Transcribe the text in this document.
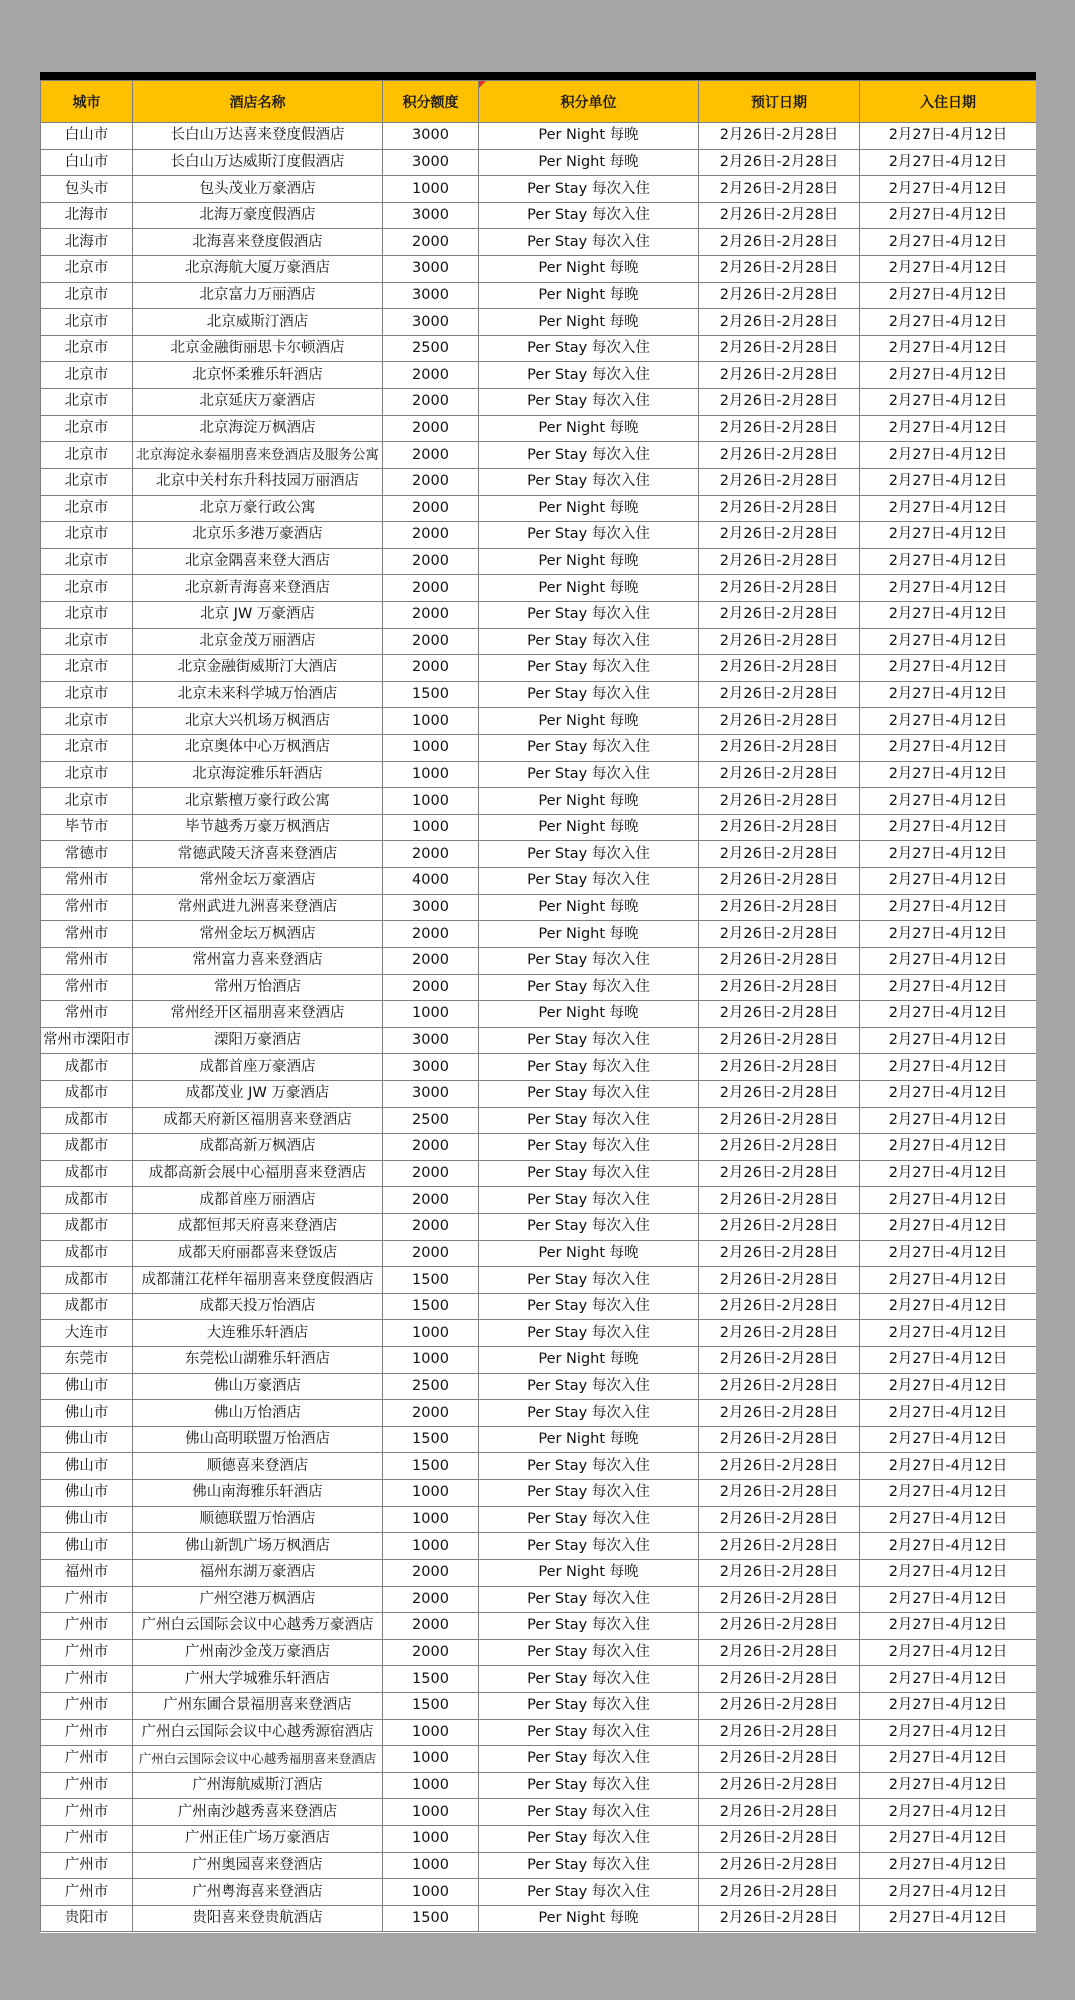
城市	酒店名称	积分额度	积分单位	预订日期	入住日期
白山市	长白山万达喜来登度假酒店	3000	Per Night 每晚	2月26日-2月28日	2月27日-4月12日
白山市	长白山万达威斯汀度假酒店	3000	Per Night 每晚	2月26日-2月28日	2月27日-4月12日
包头市	包头茂业万豪酒店	1000	Per Stay 每次入住	2月26日-2月28日	2月27日-4月12日
北海市	北海万豪度假酒店	3000	Per Stay 每次入住	2月26日-2月28日	2月27日-4月12日
北海市	北海喜来登度假酒店	2000	Per Stay 每次入住	2月26日-2月28日	2月27日-4月12日
北京市	北京海航大厦万豪酒店	3000	Per Night 每晚	2月26日-2月28日	2月27日-4月12日
北京市	北京富力万丽酒店	3000	Per Night 每晚	2月26日-2月28日	2月27日-4月12日
北京市	北京威斯汀酒店	3000	Per Night 每晚	2月26日-2月28日	2月27日-4月12日
北京市	北京金融街丽思卡尔顿酒店	2500	Per Stay 每次入住	2月26日-2月28日	2月27日-4月12日
北京市	北京怀柔雅乐轩酒店	2000	Per Stay 每次入住	2月26日-2月28日	2月27日-4月12日
北京市	北京延庆万豪酒店	2000	Per Stay 每次入住	2月26日-2月28日	2月27日-4月12日
北京市	北京海淀万枫酒店	2000	Per Night 每晚	2月26日-2月28日	2月27日-4月12日
北京市	北京海淀永泰福朋喜来登酒店及服务公寓	2000	Per Stay 每次入住	2月26日-2月28日	2月27日-4月12日
北京市	北京中关村东升科技园万丽酒店	2000	Per Stay 每次入住	2月26日-2月28日	2月27日-4月12日
北京市	北京万豪行政公寓	2000	Per Night 每晚	2月26日-2月28日	2月27日-4月12日
北京市	北京乐多港万豪酒店	2000	Per Stay 每次入住	2月26日-2月28日	2月27日-4月12日
北京市	北京金隅喜来登大酒店	2000	Per Night 每晚	2月26日-2月28日	2月27日-4月12日
北京市	北京新青海喜来登酒店	2000	Per Night 每晚	2月26日-2月28日	2月27日-4月12日
北京市	北京 JW 万豪酒店	2000	Per Stay 每次入住	2月26日-2月28日	2月27日-4月12日
北京市	北京金茂万丽酒店	2000	Per Stay 每次入住	2月26日-2月28日	2月27日-4月12日
北京市	北京金融街威斯汀大酒店	2000	Per Stay 每次入住	2月26日-2月28日	2月27日-4月12日
北京市	北京未来科学城万怡酒店	1500	Per Stay 每次入住	2月26日-2月28日	2月27日-4月12日
北京市	北京大兴机场万枫酒店	1000	Per Night 每晚	2月26日-2月28日	2月27日-4月12日
北京市	北京奥体中心万枫酒店	1000	Per Stay 每次入住	2月26日-2月28日	2月27日-4月12日
北京市	北京海淀雅乐轩酒店	1000	Per Stay 每次入住	2月26日-2月28日	2月27日-4月12日
北京市	北京紫檀万豪行政公寓	1000	Per Night 每晚	2月26日-2月28日	2月27日-4月12日
毕节市	毕节越秀万豪万枫酒店	1000	Per Night 每晚	2月26日-2月28日	2月27日-4月12日
常德市	常德武陵天济喜来登酒店	2000	Per Stay 每次入住	2月26日-2月28日	2月27日-4月12日
常州市	常州金坛万豪酒店	4000	Per Stay 每次入住	2月26日-2月28日	2月27日-4月12日
常州市	常州武进九洲喜来登酒店	3000	Per Night 每晚	2月26日-2月28日	2月27日-4月12日
常州市	常州金坛万枫酒店	2000	Per Night 每晚	2月26日-2月28日	2月27日-4月12日
常州市	常州富力喜来登酒店	2000	Per Stay 每次入住	2月26日-2月28日	2月27日-4月12日
常州市	常州万怡酒店	2000	Per Stay 每次入住	2月26日-2月28日	2月27日-4月12日
常州市	常州经开区福朋喜来登酒店	1000	Per Night 每晚	2月26日-2月28日	2月27日-4月12日
常州市溧阳市	溧阳万豪酒店	3000	Per Stay 每次入住	2月26日-2月28日	2月27日-4月12日
成都市	成都首座万豪酒店	3000	Per Stay 每次入住	2月26日-2月28日	2月27日-4月12日
成都市	成都茂业 JW 万豪酒店	3000	Per Stay 每次入住	2月26日-2月28日	2月27日-4月12日
成都市	成都天府新区福朋喜来登酒店	2500	Per Stay 每次入住	2月26日-2月28日	2月27日-4月12日
成都市	成都高新万枫酒店	2000	Per Stay 每次入住	2月26日-2月28日	2月27日-4月12日
成都市	成都高新会展中心福朋喜来登酒店	2000	Per Stay 每次入住	2月26日-2月28日	2月27日-4月12日
成都市	成都首座万丽酒店	2000	Per Stay 每次入住	2月26日-2月28日	2月27日-4月12日
成都市	成都恒邦天府喜来登酒店	2000	Per Stay 每次入住	2月26日-2月28日	2月27日-4月12日
成都市	成都天府丽都喜来登饭店	2000	Per Night 每晚	2月26日-2月28日	2月27日-4月12日
成都市	成都蒲江花样年福朋喜来登度假酒店	1500	Per Stay 每次入住	2月26日-2月28日	2月27日-4月12日
成都市	成都天投万怡酒店	1500	Per Stay 每次入住	2月26日-2月28日	2月27日-4月12日
大连市	大连雅乐轩酒店	1000	Per Stay 每次入住	2月26日-2月28日	2月27日-4月12日
东莞市	东莞松山湖雅乐轩酒店	1000	Per Night 每晚	2月26日-2月28日	2月27日-4月12日
佛山市	佛山万豪酒店	2500	Per Stay 每次入住	2月26日-2月28日	2月27日-4月12日
佛山市	佛山万怡酒店	2000	Per Stay 每次入住	2月26日-2月28日	2月27日-4月12日
佛山市	佛山高明联盟万怡酒店	1500	Per Night 每晚	2月26日-2月28日	2月27日-4月12日
佛山市	顺德喜来登酒店	1500	Per Stay 每次入住	2月26日-2月28日	2月27日-4月12日
佛山市	佛山南海雅乐轩酒店	1000	Per Stay 每次入住	2月26日-2月28日	2月27日-4月12日
佛山市	顺德联盟万怡酒店	1000	Per Stay 每次入住	2月26日-2月28日	2月27日-4月12日
佛山市	佛山新凯广场万枫酒店	1000	Per Stay 每次入住	2月26日-2月28日	2月27日-4月12日
福州市	福州东湖万豪酒店	2000	Per Night 每晚	2月26日-2月28日	2月27日-4月12日
广州市	广州空港万枫酒店	2000	Per Stay 每次入住	2月26日-2月28日	2月27日-4月12日
广州市	广州白云国际会议中心越秀万豪酒店	2000	Per Stay 每次入住	2月26日-2月28日	2月27日-4月12日
广州市	广州南沙金茂万豪酒店	2000	Per Stay 每次入住	2月26日-2月28日	2月27日-4月12日
广州市	广州大学城雅乐轩酒店	1500	Per Stay 每次入住	2月26日-2月28日	2月27日-4月12日
广州市	广州东圃合景福朋喜来登酒店	1500	Per Stay 每次入住	2月26日-2月28日	2月27日-4月12日
广州市	广州白云国际会议中心越秀源宿酒店	1000	Per Stay 每次入住	2月26日-2月28日	2月27日-4月12日
广州市	广州白云国际会议中心越秀福朋喜来登酒店	1000	Per Stay 每次入住	2月26日-2月28日	2月27日-4月12日
广州市	广州海航威斯汀酒店	1000	Per Stay 每次入住	2月26日-2月28日	2月27日-4月12日
广州市	广州南沙越秀喜来登酒店	1000	Per Stay 每次入住	2月26日-2月28日	2月27日-4月12日
广州市	广州正佳广场万豪酒店	1000	Per Stay 每次入住	2月26日-2月28日	2月27日-4月12日
广州市	广州奥园喜来登酒店	1000	Per Stay 每次入住	2月26日-2月28日	2月27日-4月12日
广州市	广州粤海喜来登酒店	1000	Per Stay 每次入住	2月26日-2月28日	2月27日-4月12日
贵阳市	贵阳喜来登贵航酒店	1500	Per Night 每晚	2月26日-2月28日	2月27日-4月12日
